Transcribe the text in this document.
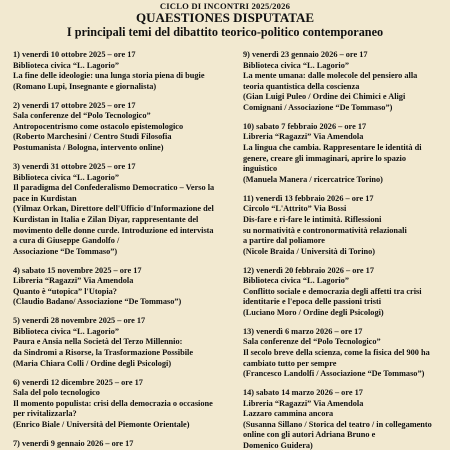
CICLO DI INCONTRI 2025/2026
QUAESTIONES DISPUTATAE
I principali temi del dibattito teorico-politico contemporaneo
1) venerdì 10 ottobre 2025 – ore 17
Biblioteca civica “L. Lagorio”
La fine delle ideologie: una lunga storia piena di bugie
(Romano Lupi, Insegnante e giornalista)
2) venerdì 17 ottobre 2025 – ore 17
Sala conferenze del “Polo Tecnologico”
Antropocentrismo come ostacolo epistemologico
(Roberto Marchesini / Centro Studi Filosofia
Postumanista / Bologna, intervento online)
3) venerdì 31 ottobre 2025 – ore 17
Biblioteca civica “L. Lagorio”
Il paradigma del Confederalismo Democratico – Verso la
pace in Kurdistan
(Yilmaz Orkan, Direttore dell'Ufficio d'Informazione del
Kurdistan in Italia e Zilan Diyar, rappresentante del
movimento delle donne curde. Introduzione ed intervista
a cura di Giuseppe Gandolfo /
Associazione “De Tommaso”)
4) sabato 15 novembre 2025 – ore 17
Libreria “Ragazzi” Via Amendola
Quanto è “utopica” l'Utopia?
(Claudio Badano/ Associazione “De Tommaso”)
5) venerdì 28 novembre 2025 – ore 17
Biblioteca civica “L. Lagorio”
Paura e Ansia nella Società del Terzo Millennio:
da Sindromi a Risorse, la Trasformazione Possibile
(Maria Chiara Colli / Ordine degli Psicologi)
6) venerdì 12 dicembre 2025 – ore 17
Sala del polo tecnologico
Il momento populista: crisi della democrazia o occasione
per rivitalizzarla?
(Enrico Biale / Università del Piemonte Orientale)
7) venerdì 9 gennaio 2026 – ore 17
9) venerdì 23 gennaio 2026 – ore 17
Biblioteca civica “L. Lagorio”
La mente umana: dalle molecole del pensiero alla
teoria quantistica della coscienza
(Gian Luigi Puleo / Ordine dei Chimici e Aligi
Comignani / Associazione “De Tommaso”)
10) sabato 7 febbraio 2026 – ore 17
Libreria “Ragazzi” Via Amendola
La lingua che cambia. Rappresentare le identità di
genere, creare gli immaginari, aprire lo spazio
inguistico
(Manuela Manera / ricercatrice Torino)
11) venerdì 13 febbraio 2026 – ore 17
Circolo “L'Attrito” Via Bossi
Dis-fare e ri-fare le intimità. Riflessioni
su normatività e contronormatività relazionali
a partire dal poliamore
(Nicole Braida / Università di Torino)
12) venerdì 20 febbraio 2026 – ore 17
Biblioteca civica “L. Lagorio”
Conflitto sociale e democrazia degli affetti tra crisi
identitarie e l'epoca delle passioni tristi
(Luciano Moro / Ordine degli Psicologi)
13) venerdì 6 marzo 2026 – ore 17
Sala conferenze del “Polo Tecnologico”
Il secolo breve della scienza, come la fisica del 900 ha
cambiato tutto per sempre
(Francesco Landolfi / Associazione “De Tommaso”)
14) sabato 14 marzo 2026 – ore 17
Libreria “Ragazzi” Via Amendola
Lazzaro cammina ancora
(Susanna Sillano / Storica del teatro / in collegamento
online con gli autori Adriana Bruno e
Domenico Guidera)
